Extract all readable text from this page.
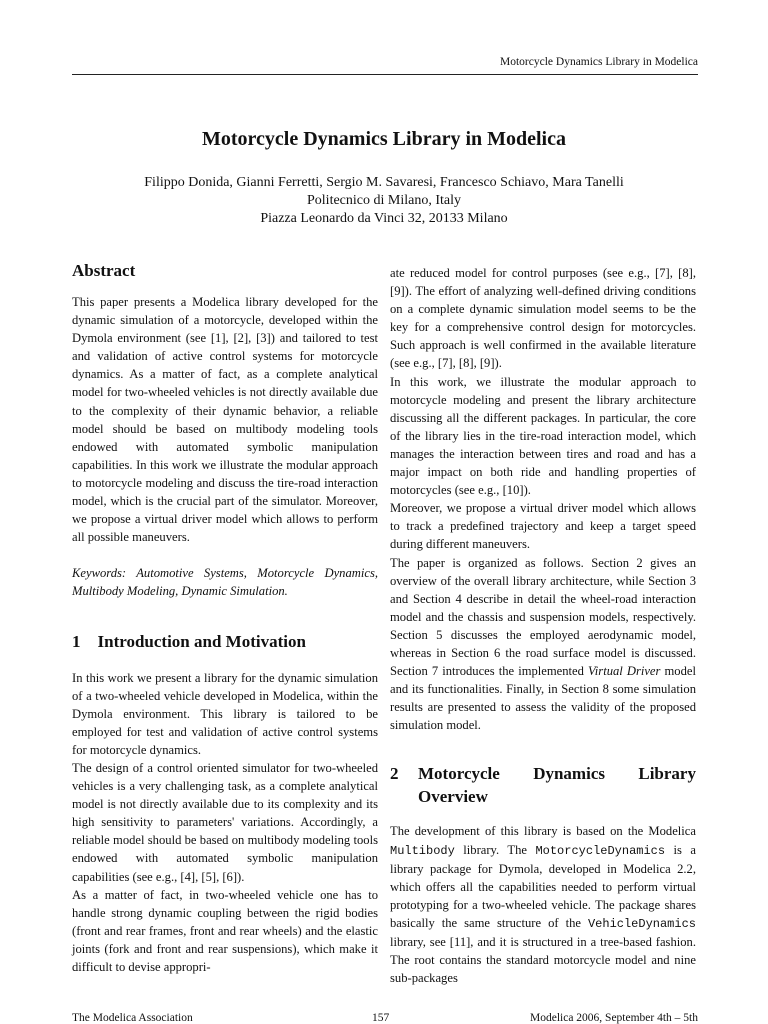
Motorcycle Dynamics Library in Modelica
Motorcycle Dynamics Library in Modelica
Filippo Donida, Gianni Ferretti, Sergio M. Savaresi, Francesco Schiavo, Mara Tanelli
Politecnico di Milano, Italy
Piazza Leonardo da Vinci 32, 20133 Milano
Abstract

This paper presents a Modelica library developed for the dynamic simulation of a motorcycle, developed within the Dymola environment (see [1], [2], [3]) and tailored to test and validation of active control systems for motorcycle dynamics. As a matter of fact, as a complete analytical model for two-wheeled vehicles is not directly available due to the complexity of their dynamic behavior, a reliable model should be based on multibody modeling tools endowed with automated symbolic manipulation capabilities. In this work we illustrate the modular approach to motorcycle modeling and discuss the tire-road interaction model, which is the crucial part of the simulator. Moreover, we propose a virtual driver model which allows to perform all possible maneuvers.

Keywords: Automotive Systems, Motorcycle Dynamics, Multibody Modeling, Dynamic Simulation.

1 Introduction and Motivation

In this work we present a library for the dynamic simulation of a two-wheeled vehicle developed in Modelica, within the Dymola environment. This library is tailored to be employed for test and validation of active control systems for motorcycle dynamics.

The design of a control oriented simulator for two-wheeled vehicles is a very challenging task, as a complete analytical model is not directly available due to its complexity and its high sensitivity to parameters' variations. Accordingly, a reliable model should be based on multibody modeling tools endowed with automated symbolic manipulation capabilities (see e.g., [4], [5], [6]).

As a matter of fact, in two-wheeled vehicle one has to handle strong dynamic coupling between the rigid bodies (front and rear frames, front and rear wheels) and the elastic joints (fork and front and rear suspensions), which make it difficult to devise appropri-

ate reduced model for control purposes (see e.g., [7], [8], [9]). The effort of analyzing well-defined driving conditions on a complete dynamic simulation model seems to be the key for a comprehensive control design for motorcycles. Such approach is well confirmed in the available literature (see e.g., [7], [8], [9]).

In this work, we illustrate the modular approach to motorcycle modeling and present the library architecture discussing all the different packages. In particular, the core of the library lies in the tire-road interaction model, which manages the interaction between tires and road and has a major impact on both ride and handling properties of motorcycles (see e.g., [10]).

Moreover, we propose a virtual driver model which allows to track a predefined trajectory and keep a target speed during different maneuvers.

The paper is organized as follows. Section 2 gives an overview of the overall library architecture, while Section 3 and Section 4 describe in detail the wheel-road interaction model and the chassis and suspension models, respectively. Section 5 discusses the employed aerodynamic model, whereas in Section 6 the road surface model is discussed. Section 7 introduces the implemented Virtual Driver model and its functionalities. Finally, in Section 8 some simulation results are presented to assess the validity of the proposed simulation model.

2	Motorcycle Dynamics Library
Overview

The development of this library is based on the Modelica Multibody library. The MotorcycleDynamics is a library package for Dymola, developed in Modelica 2.2, which offers all the capabilities needed to perform virtual prototyping for a two-wheeled vehicle. The package shares basically the same structure of the VehicleDynamics library, see [11], and it is structured in a tree-based fashion. The root contains the standard motorcycle model and nine sub-packages

The Modelica Association	157	Modelica 2006, September 4th – 5th
